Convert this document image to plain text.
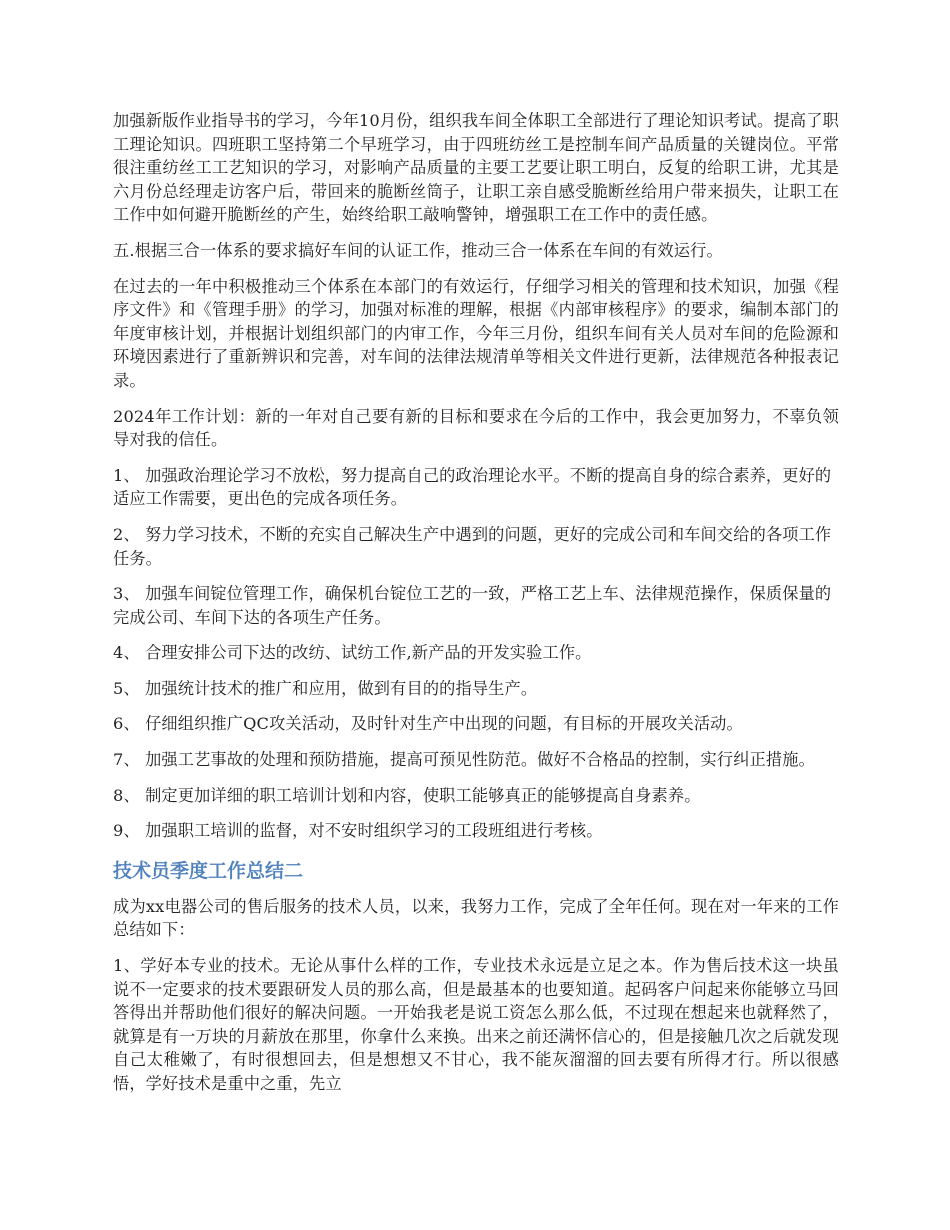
加强新版作业指导书的学习，今年10月份，组织我车间全体职工全部进行了理论知识考试。提高了职工理论知识。四班职工坚持第二个早班学习，由于四班纺丝工是控制车间产品质量的关键岗位。平常很注重纺丝工工艺知识的学习，对影响产品质量的主要工艺要让职工明白，反复的给职工讲，尤其是六月份总经理走访客户后，带回来的脆断丝筒子，让职工亲自感受脆断丝给用户带来损失，让职工在工作中如何避开脆断丝的产生，始终给职工敲响警钟，增强职工在工作中的责任感。

五.根据三合一体系的要求搞好车间的认证工作，推动三合一体系在车间的有效运行。

在过去的一年中积极推动三个体系在本部门的有效运行，仔细学习相关的管理和技术知识，加强《程序文件》和《管理手册》的学习，加强对标准的理解，根据《内部审核程序》的要求，编制本部门的年度审核计划，并根据计划组织部门的内审工作，今年三月份，组织车间有关人员对车间的危险源和环境因素进行了重新辨识和完善，对车间的法律法规清单等相关文件进行更新，法律规范各种报表记录。

2024年工作计划：新的一年对自己要有新的目标和要求在今后的工作中，我会更加努力，不辜负领导对我的信任。

1、 加强政治理论学习不放松，努力提高自己的政治理论水平。不断的提高自身的综合素养，更好的适应工作需要，更出色的完成各项任务。

2、 努力学习技术，不断的充实自己解决生产中遇到的问题，更好的完成公司和车间交给的各项工作任务。

3、 加强车间锭位管理工作，确保机台锭位工艺的一致，严格工艺上车、法律规范操作，保质保量的完成公司、车间下达的各项生产任务。

4、 合理安排公司下达的改纺、试纺工作,新产品的开发实验工作。

5、 加强统计技术的推广和应用，做到有目的的指导生产。

6、 仔细组织推广QC攻关活动，及时针对生产中出现的问题，有目标的开展攻关活动。

7、 加强工艺事故的处理和预防措施，提高可预见性防范。做好不合格品的控制，实行纠正措施。

8、 制定更加详细的职工培训计划和内容，使职工能够真正的能够提高自身素养。

9、 加强职工培训的监督，对不安时组织学习的工段班组进行考核。

技术员季度工作总结二

成为xx电器公司的售后服务的技术人员，以来，我努力工作，完成了全年任何。现在对一年来的工作总结如下：

1、学好本专业的技术。无论从事什么样的工作，专业技术永远是立足之本。作为售后技术这一块虽说不一定要求的技术要跟研发人员的那么高，但是最基本的也要知道。起码客户问起来你能够立马回答得出并帮助他们很好的解决问题。一开始我老是说工资怎么那么低，不过现在想起来也就释然了，就算是有一万块的月薪放在那里，你拿什么来换。出来之前还满怀信心的，但是接触几次之后就发现自己太稚嫩了，有时很想回去，但是想想又不甘心，我不能灰溜溜的回去要有所得才行。所以很感悟，学好技术是重中之重，先立
